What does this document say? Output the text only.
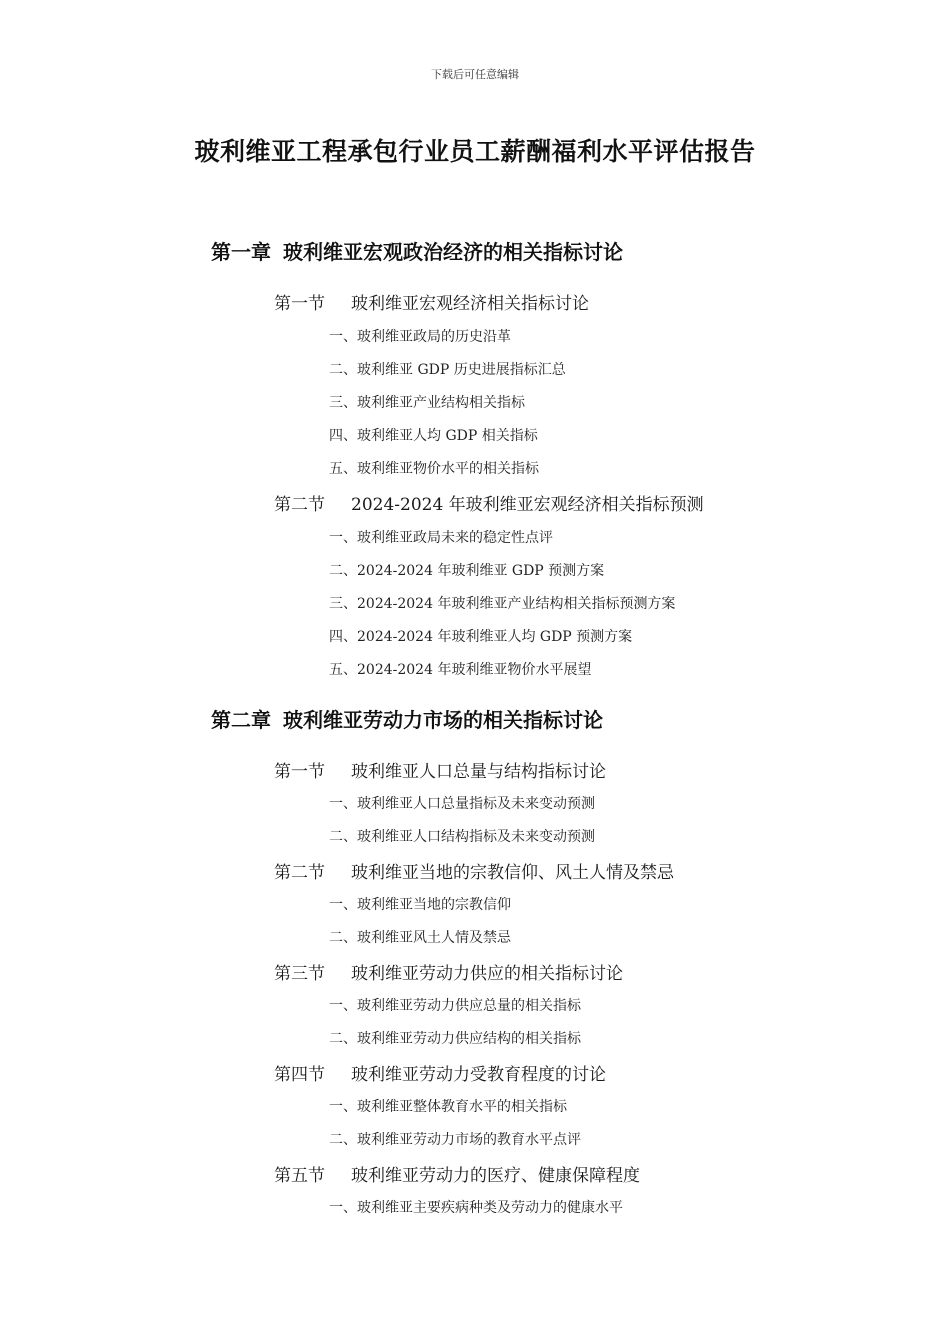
下载后可任意编辑
玻利维亚工程承包行业员工薪酬福利水平评估报告
第一章 玻利维亚宏观政治经济的相关指标讨论
第一节 玻利维亚宏观经济相关指标讨论
一、玻利维亚政局的历史沿革
二、玻利维亚 GDP 历史进展指标汇总
三、玻利维亚产业结构相关指标
四、玻利维亚人均 GDP 相关指标
五、玻利维亚物价水平的相关指标
第二节 2024-2024 年玻利维亚宏观经济相关指标预测
一、玻利维亚政局未来的稳定性点评
二、2024-2024 年玻利维亚 GDP 预测方案
三、2024-2024 年玻利维亚产业结构相关指标预测方案
四、2024-2024 年玻利维亚人均 GDP 预测方案
五、2024-2024 年玻利维亚物价水平展望
第二章 玻利维亚劳动力市场的相关指标讨论
第一节 玻利维亚人口总量与结构指标讨论
一、玻利维亚人口总量指标及未来变动预测
二、玻利维亚人口结构指标及未来变动预测
第二节 玻利维亚当地的宗教信仰、风土人情及禁忌
一、玻利维亚当地的宗教信仰
二、玻利维亚风土人情及禁忌
第三节 玻利维亚劳动力供应的相关指标讨论
一、玻利维亚劳动力供应总量的相关指标
二、玻利维亚劳动力供应结构的相关指标
第四节 玻利维亚劳动力受教育程度的讨论
一、玻利维亚整体教育水平的相关指标
二、玻利维亚劳动力市场的教育水平点评
第五节 玻利维亚劳动力的医疗、健康保障程度
一、玻利维亚主要疾病种类及劳动力的健康水平
